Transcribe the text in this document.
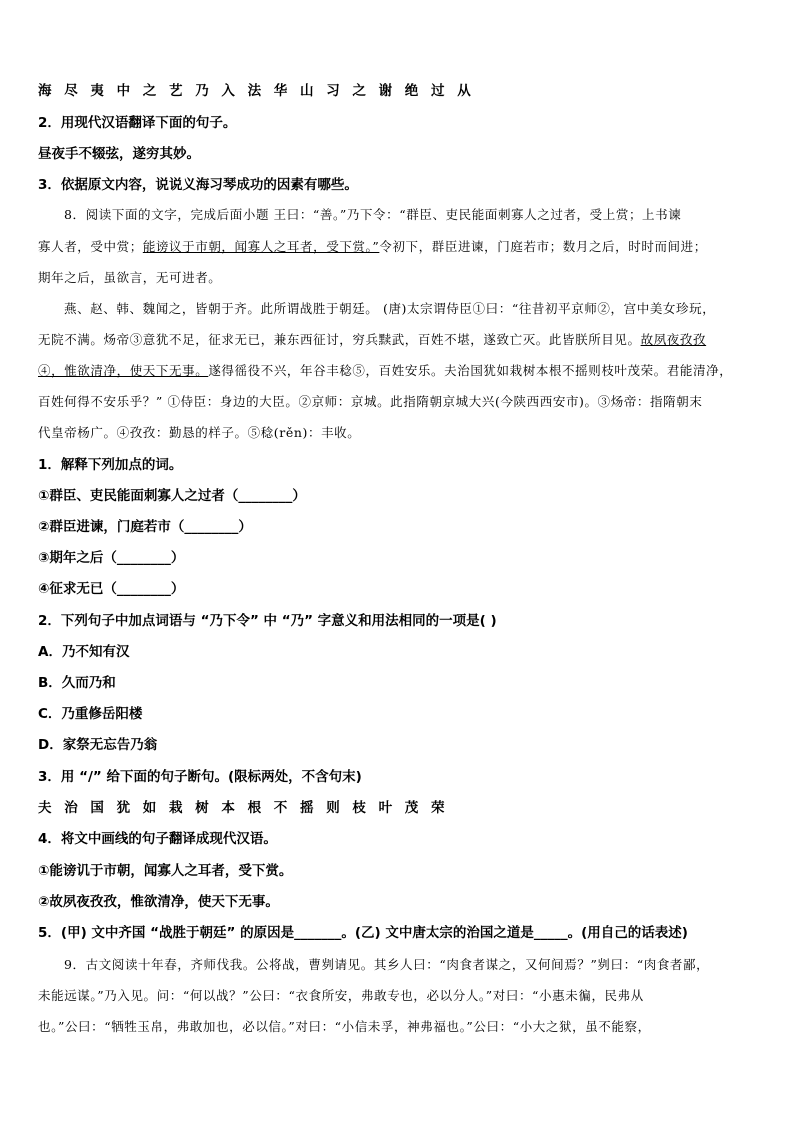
海 尽 夷 中 之 艺 乃 入 法 华 山 习 之 谢 绝 过 从
2．用现代汉语翻译下面的句子。
昼夜手不辍弦，遂穷其妙。
3．依据原文内容，说说义海习琴成功的因素有哪些。
8．阅读下面的文字，完成后面小题 王曰：“善。”乃下令：“群臣、吏民能面刺寡人之过者，受上赏；上书谏
寡人者，受中赏；能谤议于市朝，闻寡人之耳者，受下赏。”令初下，群臣进谏，门庭若市；数月之后，时时而间进；
期年之后，虽欲言，无可进者。
燕、赵、韩、魏闻之，皆朝于齐。此所谓战胜于朝廷。 (唐)太宗谓侍臣①曰：“往昔初平京师②，宫中美女珍玩，
无院不满。炀帝③意犹不足，征求无已，兼东西征讨，穷兵黩武，百姓不堪，遂致亡灭。此皆朕所目见。故夙夜孜孜
④，惟欲清净，使天下无事。遂得徭役不兴，年谷丰稔⑤，百姓安乐。夫治国犹如栽树本根不摇则枝叶茂荣。君能清净，
百姓何得不安乐乎？” ①侍臣：身边的大臣。②京师：京城。此指隋朝京城大兴(今陕西西安市)。③炀帝：指隋朝末
代皇帝杨广。④孜孜：勤恳的样子。⑤稔(rěn)：丰收。
1．解释下列加点的词。
①群臣、吏民能面刺寡人之过者（________）
②群臣进谏，门庭若市（________）
③期年之后（________）
④征求无已（________）
2．下列句子中加点词语与 “乃下令” 中 “乃” 字意义和用法相同的一项是( )
A．乃不知有汉
B．久而乃和
C．乃重修岳阳楼
D．家祭无忘告乃翁
3．用 “/” 给下面的句子断句。(限标两处，不含句末)
夫 治 国 犹 如 栽 树 本 根 不 摇 则 枝 叶 茂 荣
4．将文中画线的句子翻译成现代汉语。
①能谤讥于市朝，闻寡人之耳者，受下赏。
②故夙夜孜孜，惟欲清净，使天下无事。
5．(甲) 文中齐国 “战胜于朝廷” 的原因是_______。(乙) 文中唐太宗的治国之道是_____。(用自己的话表述)
9．古文阅读十年春，齐师伐我。公将战，曹刿请见。其乡人曰：“肉食者谋之，又何间焉？”刿曰：“肉食者鄙，
未能远谋。”乃入见。问：“何以战？”公曰：“衣食所安，弗敢专也，必以分人。”对曰：“小惠未徧，民弗从
也。”公曰：“牺牲玉帛，弗敢加也，必以信。”对曰：“小信未孚，神弗福也。”公曰：“小大之狱，虽不能察，
